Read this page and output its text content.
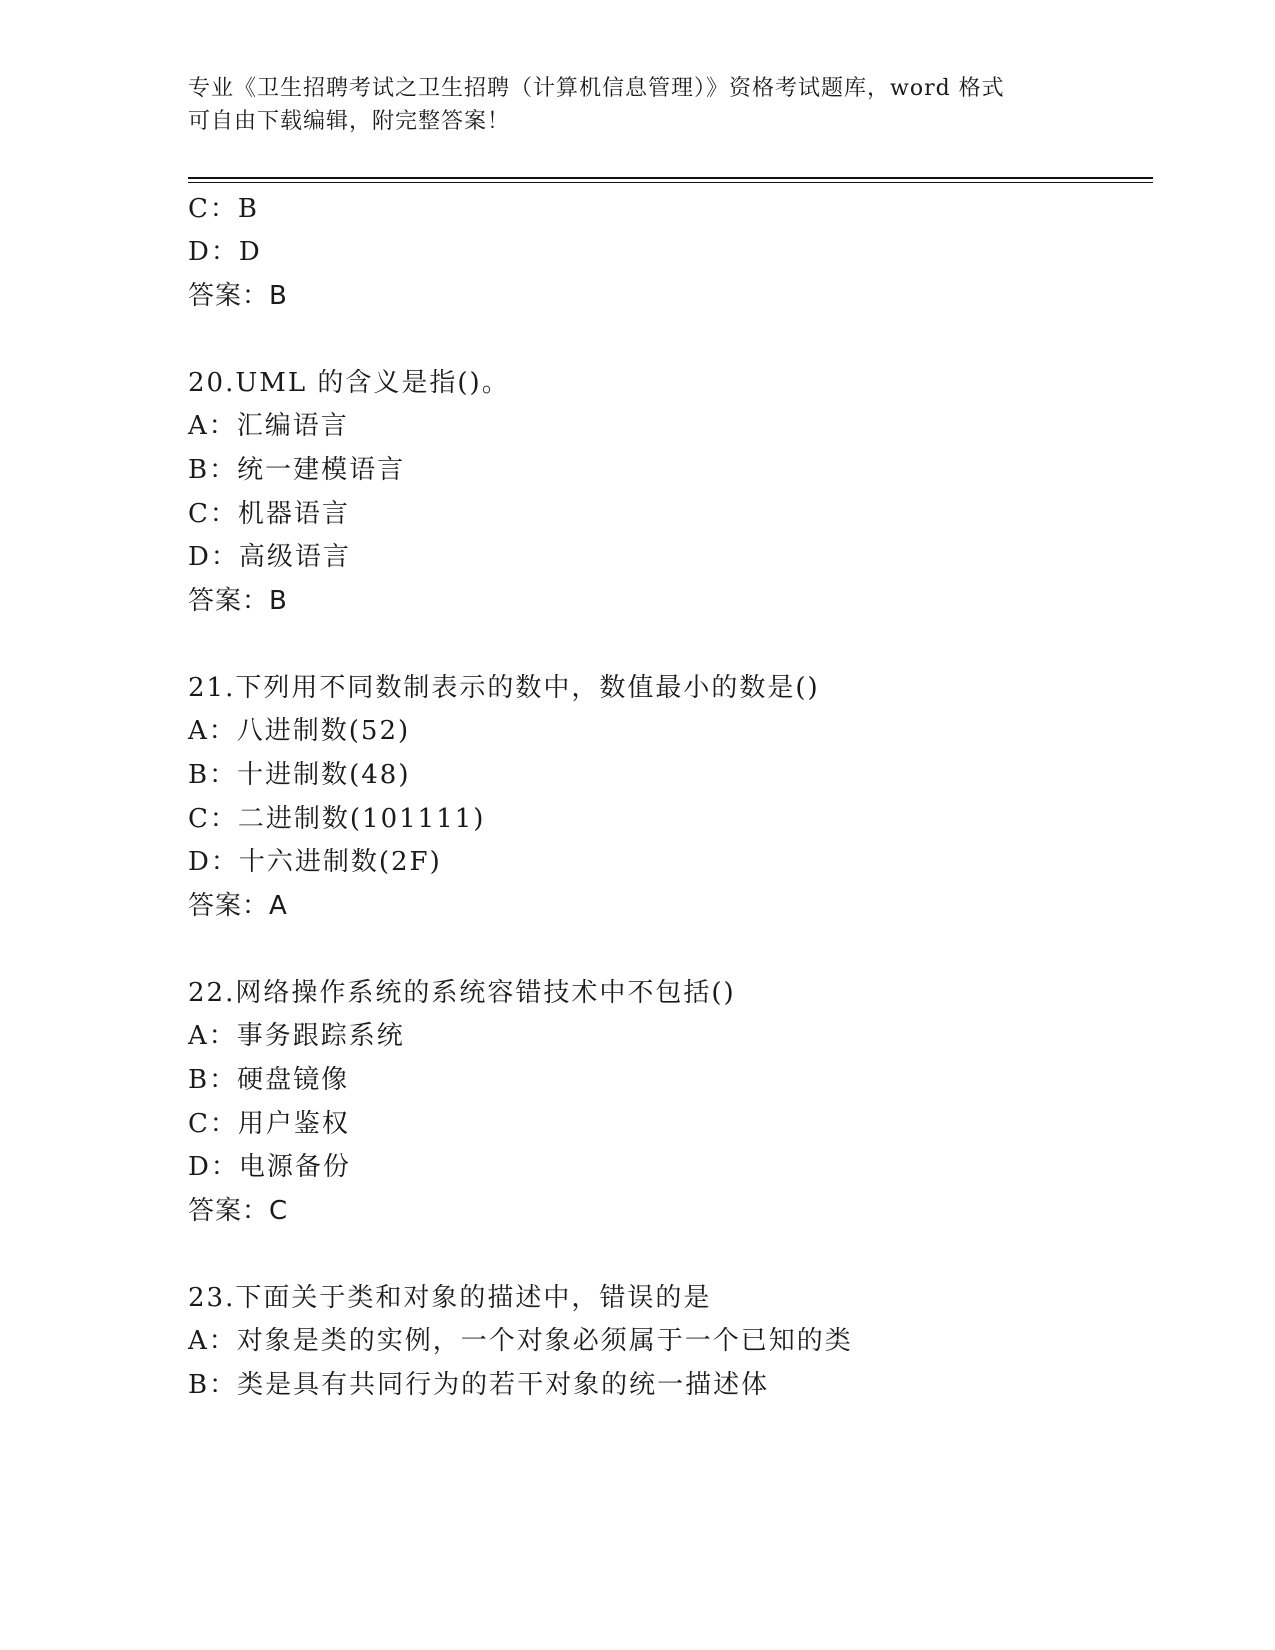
专业《卫生招聘考试之卫生招聘（计算机信息管理）》资格考试题库，word 格式
可自由下载编辑，附完整答案！
C：B
D：D
答案：B
20.UML 的含义是指()。
A：汇编语言
B：统一建模语言
C：机器语言
D：高级语言
答案：B
21.下列用不同数制表示的数中，数值最小的数是()
A：八进制数(52)
B：十进制数(48)
C：二进制数(101111)
D：十六进制数(2F)
答案：A
22.网络操作系统的系统容错技术中不包括()
A：事务跟踪系统
B：硬盘镜像
C：用户鉴权
D：电源备份
答案：C
23.下面关于类和对象的描述中，错误的是
A：对象是类的实例，一个对象必须属于一个已知的类
B：类是具有共同行为的若干对象的统一描述体
